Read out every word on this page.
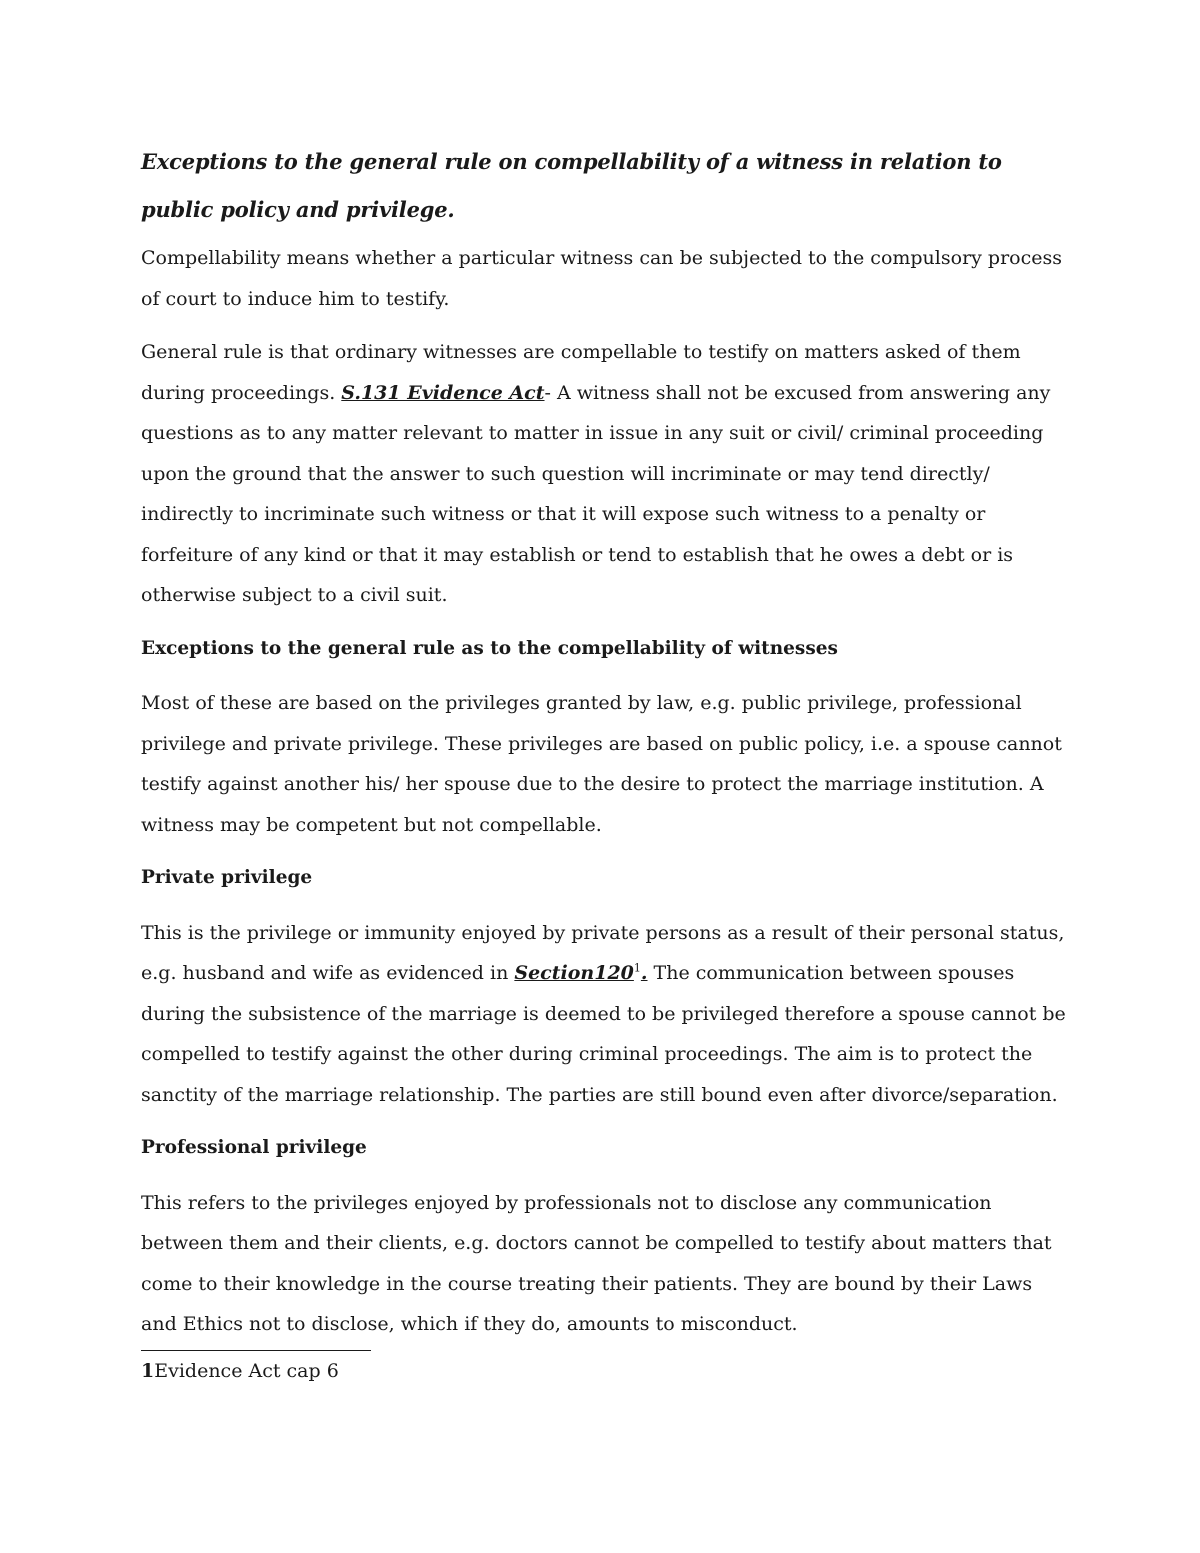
Exceptions to the general rule on compellability of a witness in relation to public policy and privilege.

Compellability means whether a particular witness can be subjected to the compulsory process of court to induce him to testify.

General rule is that ordinary witnesses are compellable to testify on matters asked of them during proceedings. S.131 Evidence Act- A witness shall not be excused from answering any questions as to any matter relevant to matter in issue in any suit or civil/ criminal proceeding upon the ground that the answer to such question will incriminate or may tend directly/ indirectly to incriminate such witness or that it will expose such witness to a penalty or forfeiture of any kind or that it may establish or tend to establish that he owes a debt or is otherwise subject to a civil suit.

Exceptions to the general rule as to the compellability of witnesses

Most of these are based on the privileges granted by law, e.g. public privilege, professional privilege and private privilege. These privileges are based on public policy, i.e. a spouse cannot testify against another his/ her spouse due to the desire to protect the marriage institution. A witness may be competent but not compellable.

Private privilege

This is the privilege or immunity enjoyed by private persons as a result of their personal status, e.g. husband and wife as evidenced in $Section120^1$. The communication between spouses during the subsistence of the marriage is deemed to be privileged therefore a spouse cannot be compelled to testify against the other during criminal proceedings. The aim is to protect the sanctity of the marriage relationship. The parties are still bound even after divorce/separation.

Professional privilege

This refers to the privileges enjoyed by professionals not to disclose any communication between them and their clients, e.g. doctors cannot be compelled to testify about matters that come to their knowledge in the course treating their patients. They are bound by their Laws and Ethics not to disclose, which if they do, amounts to misconduct.

1Evidence Act cap 6
